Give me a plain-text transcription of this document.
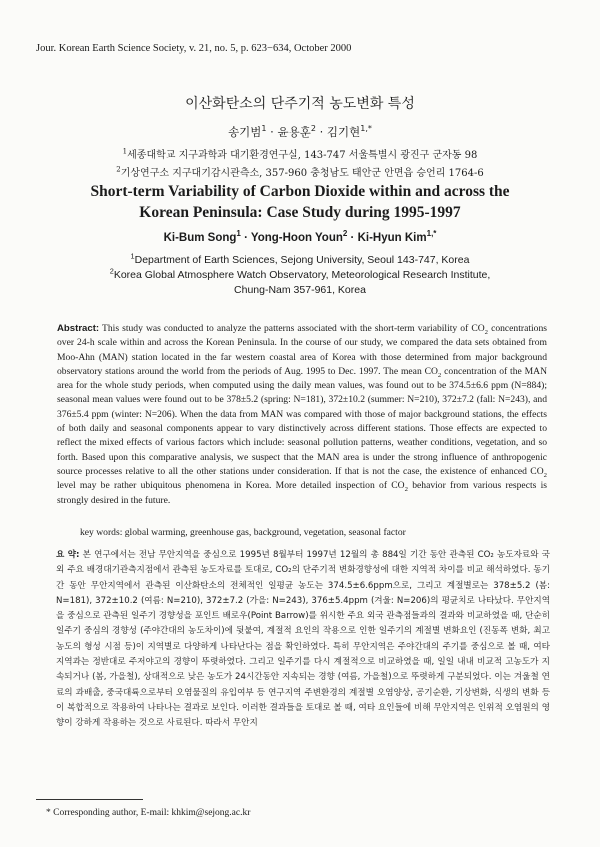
Jour. Korean Earth Science Society, v. 21, no. 5, p. 623−634, October 2000
이산화탄소의 단주기적 농도변화 특성
송기범$^1$ · 윤용훈$^2$ · 김기현$^{1,*}$
$^1$세종대학교 지구과학과 대기환경연구실, 143-747 서울특별시 광진구 군자동 98
$^2$기상연구소 지구대기감시관측소, 357-960 충청남도 태안군 안면읍 승언리 1764-6
Short-term Variability of Carbon Dioxide within and across the
Korean Peninsula: Case Study during 1995-1997
Ki-Bum Song$^1$ · Yong-Hoon Youn$^2$ · Ki-Hyun Kim$^{1,*}$
$^1$Department of Earth Sciences, Sejong University, Seoul 143-747, Korea
$^2$Korea Global Atmosphere Watch Observatory, Meteorological Research Institute,
Chung-Nam 357-961, Korea
Abstract: This study was conducted to analyze the patterns associated with the short-term variability of $CO_2$ concentrations over 24-h scale within and across the Korean Peninsula. In the course of our study, we compared the data sets obtained from Moo-Ahn (MAN) station located in the far western coastal area of Korea with those determined from major background observatory stations around the world from the periods of Aug. 1995 to Dec. 1997. The mean $CO_2$ concentration of the MAN area for the whole study periods, when computed using the daily mean values, was found out to be 374.5±6.6 ppm (N=884); seasonal mean values were found out to be 378±5.2 (spring: N=181), 372±10.2 (summer: N=210), 372±7.2 (fall: N=243), and 376±5.4 ppm (winter: N=206). When the data from MAN was compared with those of major background stations, the effects of both daily and seasonal components appear to vary distinctively across different stations. Those effects are expected to reflect the mixed effects of various factors which include: seasonal pollution patterns, weather conditions, vegetation, and so forth. Based upon this comparative analysis, we suspect that the MAN area is under the strong influence of anthropogenic source processes relative to all the other stations under consideration. If that is not the case, the existence of enhanced $CO_2$ level may be rather ubiquitous phenomena in Korea. More detailed inspection of $CO_2$ behavior from various respects is strongly desired in the future.
key words: global warming, greenhouse gas, background, vegetation, seasonal factor
요 약: 본 연구에서는 전남 무안지역을 중심으로 1995년 8월부터 1997년 12월의 총 884일 기간 동안 관측된 CO₂ 농도자료와 국외 주요 배경대기관측지점에서 관측된 농도자료를 토대로, CO₂의 단주기적 변화경향성에 대한 지역적 차이를 비교 해석하였다. 동기간 동안 무안지역에서 관측된 이산화탄소의 전체적인 일평균 농도는 374.5±6.6ppm으로, 그리고 계절별로는 378±5.2 (봄: N=181), 372±10.2 (여름: N=210), 372±7.2 (가을: N=243), 376±5.4ppm (겨울: N=206)의 평균치로 나타났다. 무안지역을 중심으로 관측된 일주기 경향성을 포인트 배로우(Point Barrow)를 위시한 주요 외국 관측점들과의 결과와 비교하였을 때, 단순히 일주기 중심의 경향성 (주야간대의 농도차이)에 뒷붙여, 계절적 요인의 작용으로 인한 일주기의 계절별 변화요인 (진동폭 변화, 최고농도의 형성 시점 등)이 지역별로 다양하게 나타난다는 점을 확인하였다. 특히 무안지역은 주야간대의 주기를 중심으로 볼 때, 여타 지역과는 정반대로 주저야고의 경향이 뚜렷하였다. 그리고 일주기를 다시 계절적으로 비교하였을 때, 일일 내내 비교적 고농도가 지속되거나 (봄, 가을철), 상대적으로 낮은 농도가 24시간동안 지속되는 경향 (여름, 가을철)으로 뚜렷하게 구분되었다. 이는 겨울철 연료의 과배출, 중국대륙으로부터 오염물질의 유입여부 등 연구지역 주변환경의 계절별 오염양상, 공기순환, 기상변화, 식생의 변화 등이 복합적으로 작용하여 나타나는 결과로 보인다. 이러한 결과들을 토대로 볼 때, 여타 요인들에 비해 무안지역은 인위적 오염원의 영향이 강하게 작용하는 것으로 사료된다. 따라서 무안지
* Corresponding author, E-mail: khkim@sejong.ac.kr
